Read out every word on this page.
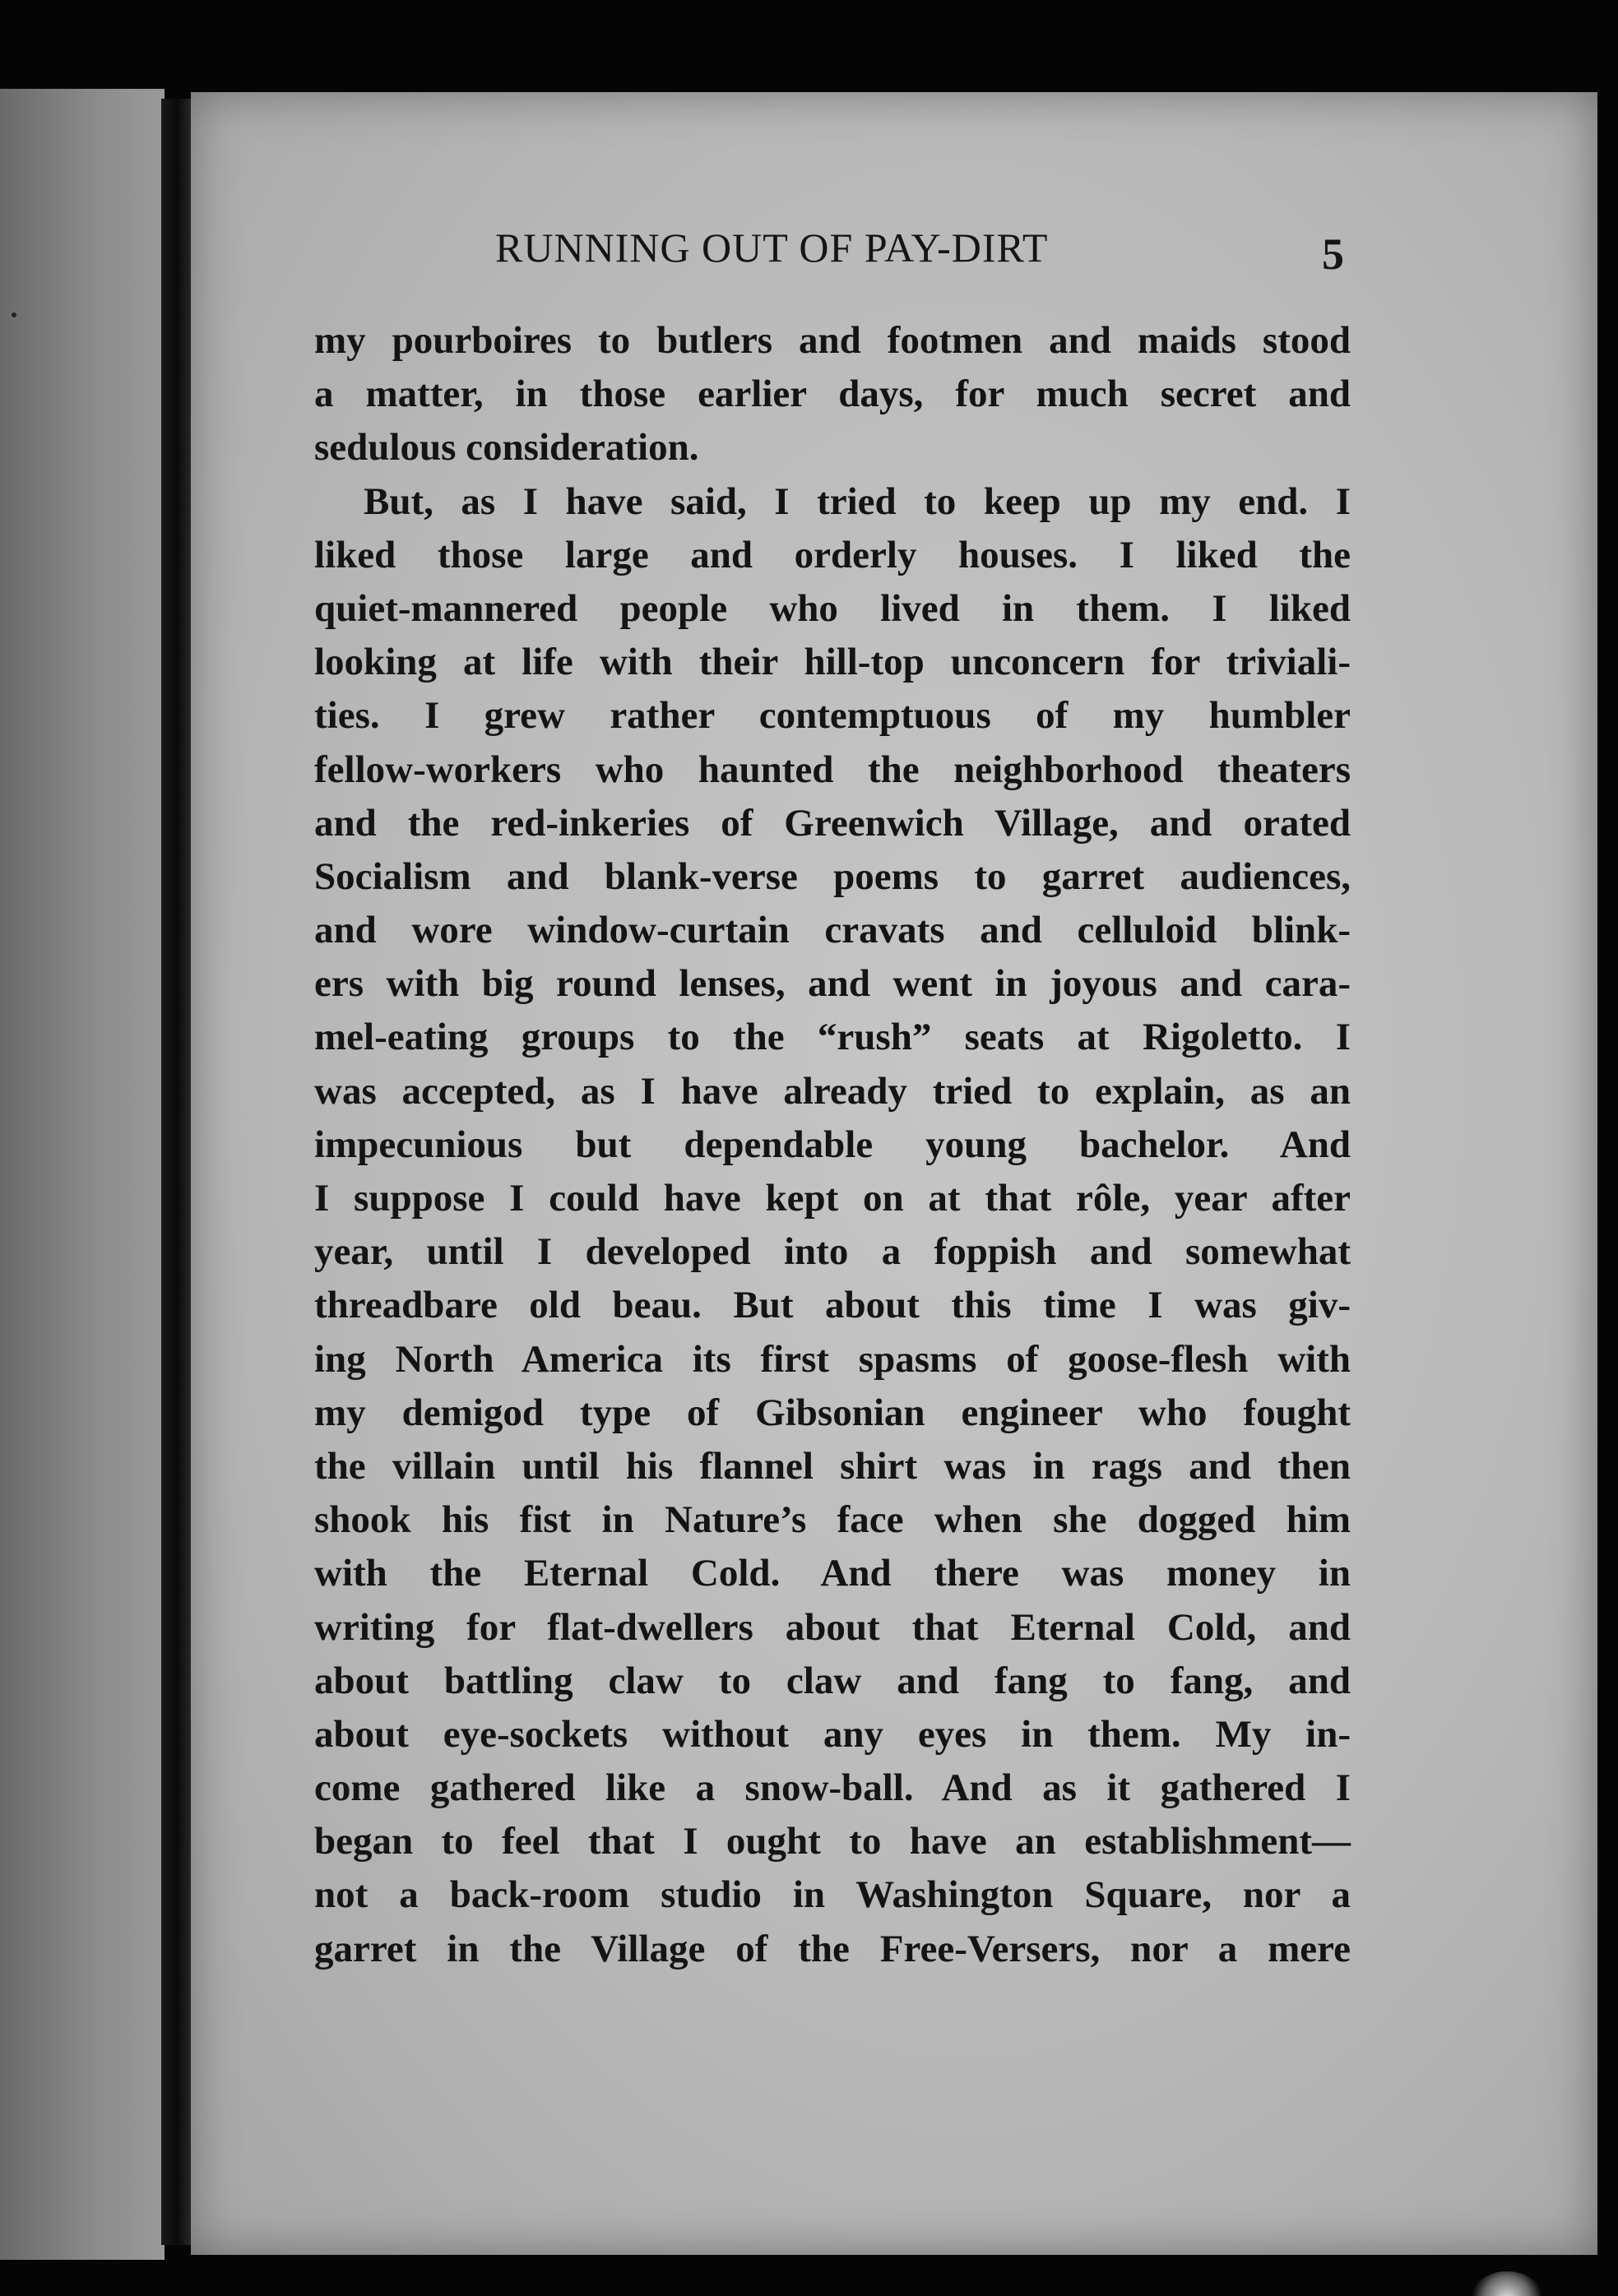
RUNNING OUT OF PAY-DIRT	5
my pourboires to butlers and footmen and maids stood
a matter, in those earlier days, for much secret and
sedulous consideration.
But, as I have said, I tried to keep up my end. I
liked those large and orderly houses. I liked the
quiet-mannered people who lived in them. I liked
looking at life with their hill-top unconcern for triviali-
ties. I grew rather contemptuous of my humbler
fellow-workers who haunted the neighborhood theaters
and the red-inkeries of Greenwich Village, and orated
Socialism and blank-verse poems to garret audiences,
and wore window-curtain cravats and celluloid blink-
ers with big round lenses, and went in joyous and cara-
mel-eating groups to the “rush” seats at Rigoletto. I
was accepted, as I have already tried to explain, as an
impecunious but dependable young bachelor. And
I suppose I could have kept on at that rôle, year after
year, until I developed into a foppish and somewhat
threadbare old beau. But about this time I was giv-
ing North America its first spasms of goose-flesh with
my demigod type of Gibsonian engineer who fought
the villain until his flannel shirt was in rags and then
shook his fist in Nature’s face when she dogged him
with the Eternal Cold. And there was money in
writing for flat-dwellers about that Eternal Cold, and
about battling claw to claw and fang to fang, and
about eye-sockets without any eyes in them. My in-
come gathered like a snow-ball. And as it gathered I
began to feel that I ought to have an establishment—
not a back-room studio in Washington Square, nor a
garret in the Village of the Free-Versers, nor a mere
